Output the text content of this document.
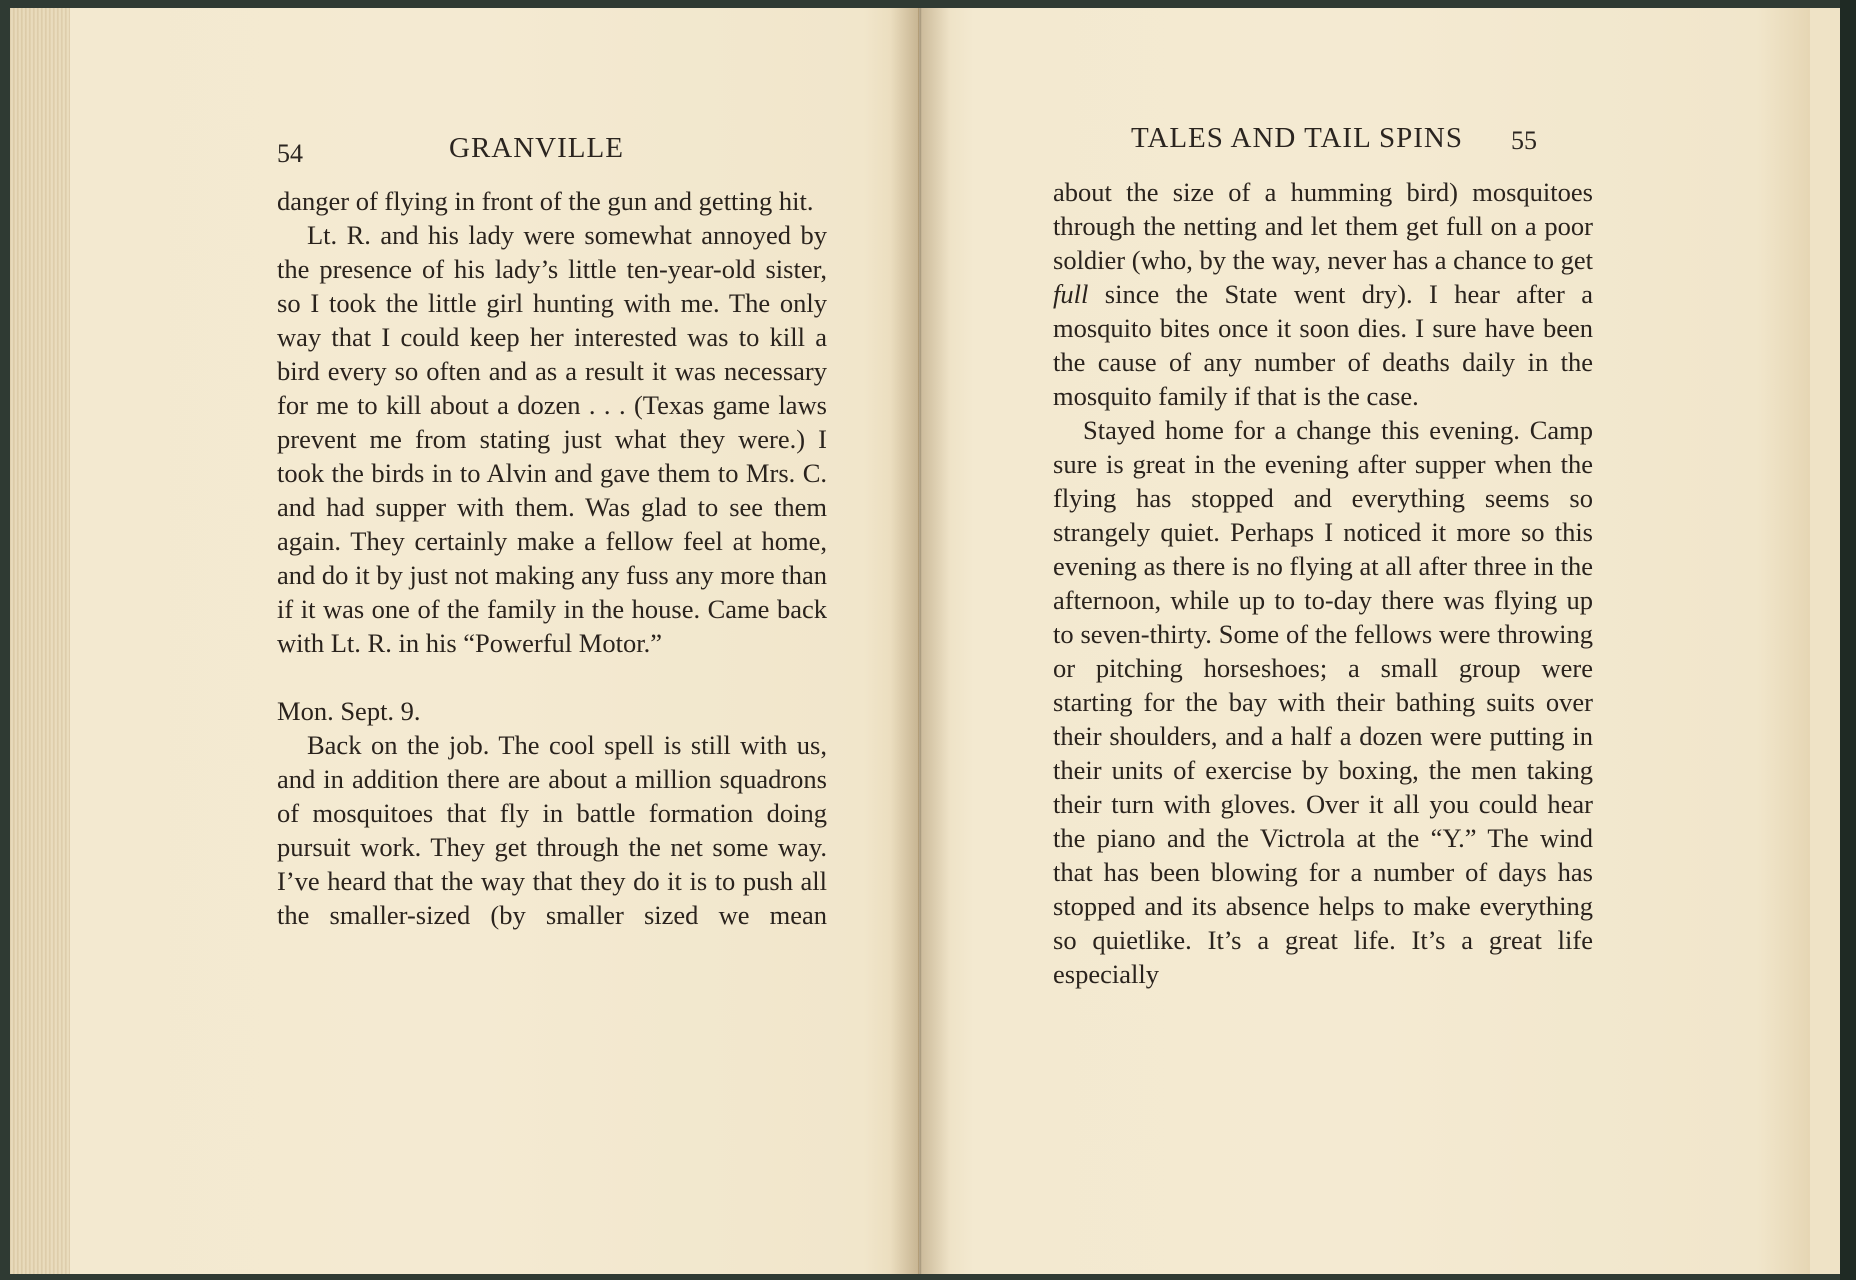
54	GRANVILLE

danger of flying in front of the gun and getting hit.

Lt. R. and his lady were somewhat annoyed by the presence of his lady’s little ten-year-old sister, so I took the little girl hunting with me. The only way that I could keep her interested was to kill a bird every so often and as a result it was necessary for me to kill about a dozen . . . (Texas game laws prevent me from stating just what they were.) I took the birds in to Alvin and gave them to Mrs. C. and had supper with them. Was glad to see them again. They certainly make a fellow feel at home, and do it by just not making any fuss any more than if it was one of the family in the house. Came back with Lt. R. in his “Powerful Motor.”

Mon. Sept. 9.

Back on the job. The cool spell is still with us, and in addition there are about a million squadrons of mosquitoes that fly in battle formation doing pursuit work. They get through the net some way. I’ve heard that the way that they do it is to push all the smaller-sized (by smaller sized we mean

TALES AND TAIL SPINS 55

about the size of a humming bird) mosquitoes through the netting and let them get full on a poor soldier (who, by the way, never has a chance to get full since the State went dry). I hear after a mosquito bites once it soon dies. I sure have been the cause of any number of deaths daily in the mosquito family if that is the case.

Stayed home for a change this evening. Camp sure is great in the evening after supper when the flying has stopped and everything seems so strangely quiet. Perhaps I noticed it more so this evening as there is no flying at all after three in the afternoon, while up to to-day there was flying up to seven-thirty. Some of the fellows were throwing or pitching horseshoes; a small group were starting for the bay with their bathing suits over their shoulders, and a half a dozen were putting in their units of exercise by boxing, the men taking their turn with gloves. Over it all you could hear the piano and the Victrola at the “Y.” The wind that has been blowing for a number of days has stopped and its absence helps to make everything so quietlike. It’s a great life. It’s a great life especially
